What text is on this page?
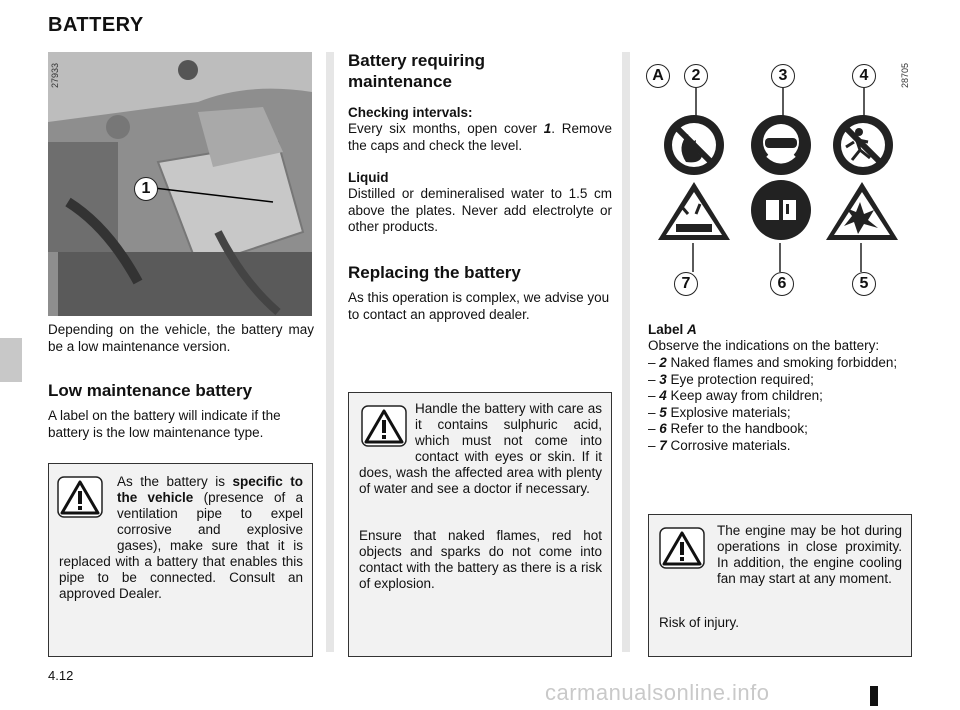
BATTERY
27933
1
Depending on the vehicle, the battery may be a low maintenance version.
Low maintenance battery
A label on the battery will indicate if the battery is the low maintenance type.
As the battery is specific to the vehicle (presence of a ventilation pipe to expel corrosive and explosive gases), make sure that it is replaced with a battery that enables this pipe to be connected. Consult an approved Dealer.
Battery requiring maintenance
Checking intervals:
Every six months, open cover 1. Remove the caps and check the level.
Liquid
Distilled or demineralised water to 1.5 cm above the plates. Never add electrolyte or other products.
Replacing the battery
As this operation is complex, we advise you to contact an approved dealer.
Handle the battery with care as it contains sulphuric acid, which must not come into contact with eyes or skin. If it does, wash the affected area with plenty of water and see a doctor if necessary.
Ensure that naked flames, red hot objects and sparks do not come into contact with the battery as there is a risk of explosion.
28705
A	2	3	4
7	6	5
Label A
Observe the indications on the battery:
– 2 Naked flames and smoking forbidden;
– 3 Eye protection required;
– 4 Keep away from children;
– 5 Explosive materials;
– 6 Refer to the handbook;
– 7 Corrosive materials.
The engine may be hot during operations in close proximity. In addition, the engine cooling fan may start at any moment.
Risk of injury.
4.12
carmanualsonline.info
